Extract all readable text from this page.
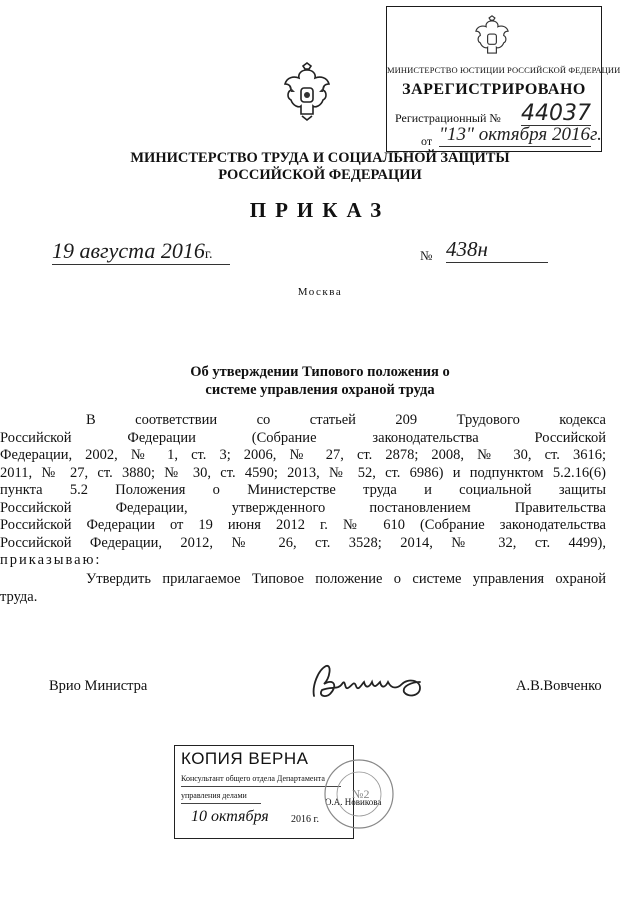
МИНИСТЕРСТВО ЮСТИЦИИ РОССИЙСКОЙ ФЕДЕРАЦИИ
ЗАРЕГИСТРИРОВАНО
Регистрационный № 44037
от "13" октября 2016г.
МИНИСТЕРСТВО ТРУДА И СОЦИАЛЬНОЙ ЗАЩИТЫ
РОССИЙСКОЙ ФЕДЕРАЦИИ
ПРИКАЗ
19 августа 2016г.	№ 438н
Москва
Об утверждении Типового положения о
системе управления охраной труда
В соответствии со статьей 209 Трудового кодекса
Российской Федерации (Собрание законодательства Российской
Федерации, 2002, № 1, ст. 3; 2006, № 27, ст. 2878; 2008, № 30, ст. 3616;
2011, № 27, ст. 3880; № 30, ст. 4590; 2013, № 52, ст. 6986) и подпунктом 5.2.16(6)
пункта 5.2 Положения о Министерстве труда и социальной защиты
Российской Федерации, утвержденного постановлением Правительства
Российской Федерации от 19 июня 2012 г. № 610 (Собрание законодательства
Российской Федерации, 2012, № 26, ст. 3528; 2014, № 32, ст. 4499),
приказываю:
Утвердить прилагаемое Типовое положение о системе управления охраной
труда.
Врио Министра	А.В.Вовченко
КОПИЯ ВЕРНА
Консультант общего отдела Департамента
управления делами
О.А. Новикова
10 октября 2016 г.
№2
